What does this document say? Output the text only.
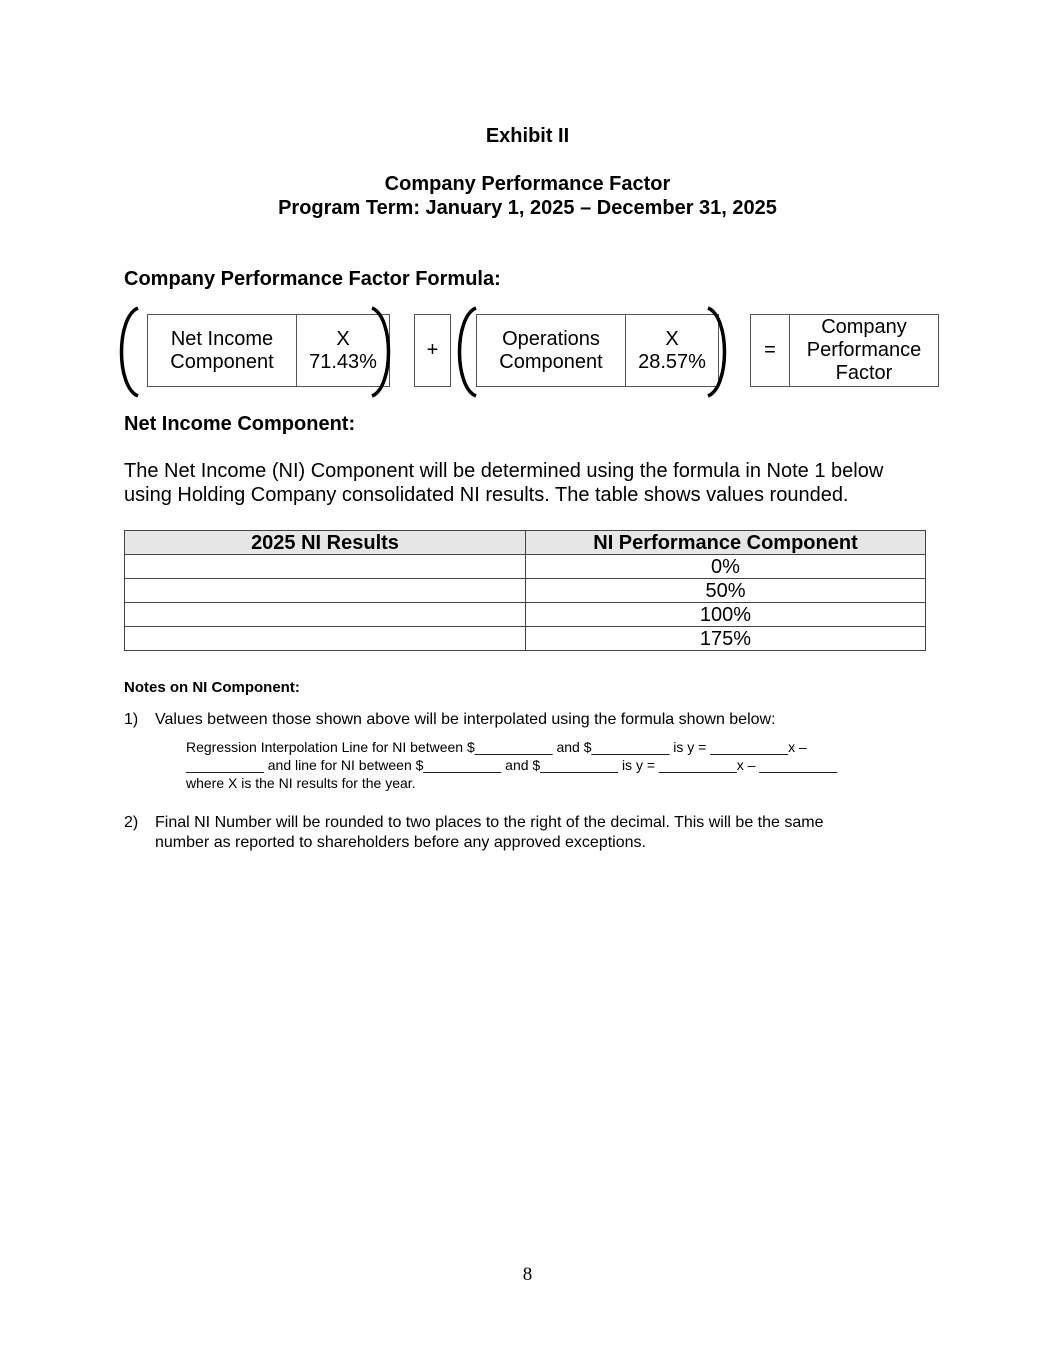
Exhibit II
Company Performance Factor
Program Term: January 1, 2025 – December 31, 2025
Company Performance Factor Formula:
Net Income
Component
X
71.43%
+
Operations
Component
X
28.57%
=
Company
Performance
Factor
Net Income Component:
The Net Income (NI) Component will be determined using the formula in Note 1 below
using Holding Company consolidated NI results. The table shows values rounded.
2025 NI Results	NI Performance Component
	0%
	50%
	100%
	175%
Notes on NI Component:
1) Values between those shown above will be interpolated using the formula shown below:
Regression Interpolation Line for NI between $__________ and $__________ is y = __________x –
__________ and line for NI between $__________ and $__________ is y = __________x – __________
where X is the NI results for the year.
2) Final NI Number will be rounded to two places to the right of the decimal. This will be the same
number as reported to shareholders before any approved exceptions.
8
